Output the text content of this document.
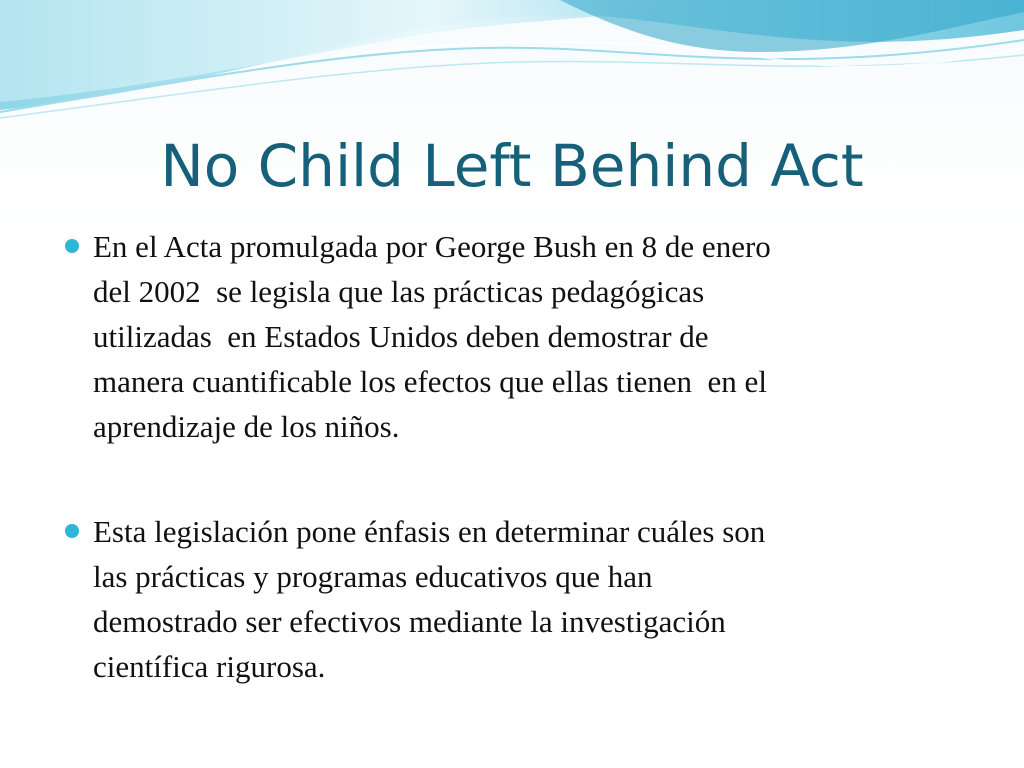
No Child Left Behind Act
En el Acta promulgada por George Bush en 8 de enero
del 2002  se legisla que las prácticas pedagógicas
utilizadas  en Estados Unidos deben demostrar de
manera cuantificable los efectos que ellas tienen  en el
aprendizaje de los niños.
Esta legislación pone énfasis en determinar cuáles son
las prácticas y programas educativos que han
demostrado ser efectivos mediante la investigación
científica rigurosa.
